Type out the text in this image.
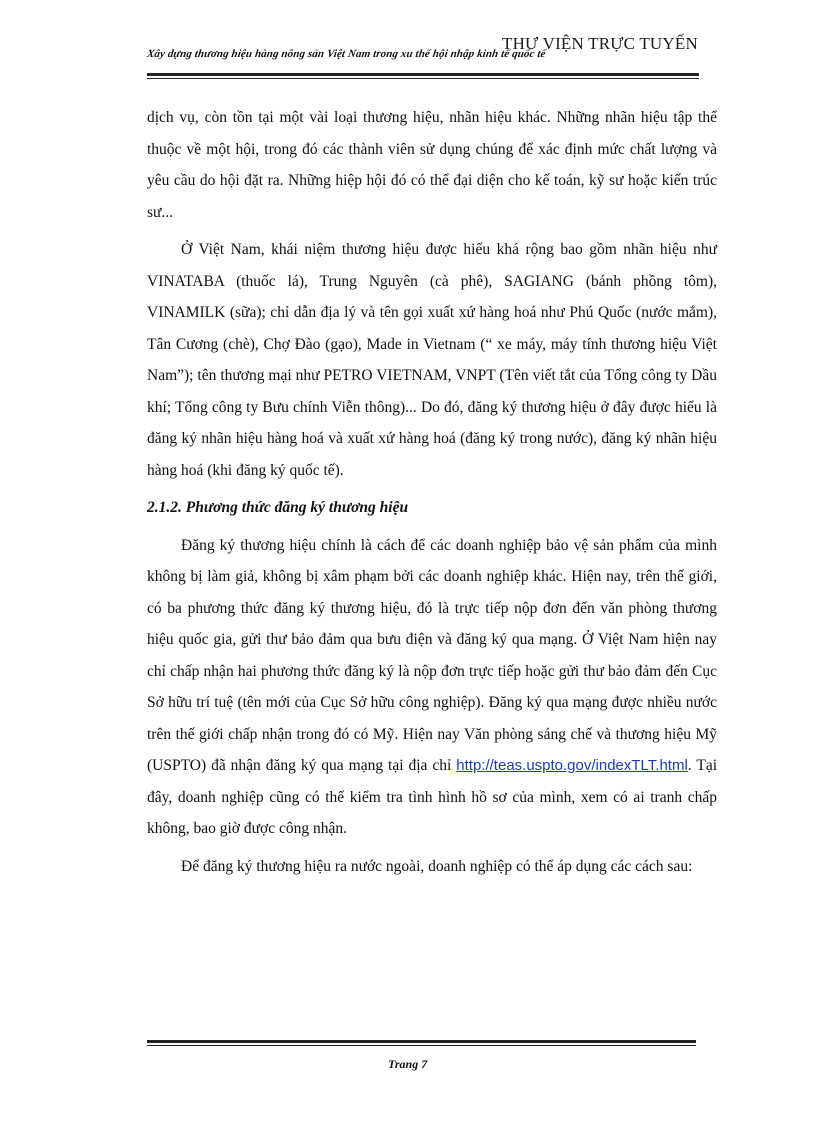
Xây dựng thương hiệu hàng nông sản Việt Nam trong xu thế hội nhập kinh tế quốc tế
THƯ VIỆN TRỰC TUYẾN

dịch vụ, còn tồn tại một vài loại thương hiệu, nhãn hiệu khác. Những nhãn hiệu tập thể thuộc về một hội, trong đó các thành viên sử dụng chúng để xác định mức chất lượng và yêu cầu do hội đặt ra. Những hiệp hội đó có thể đại diện cho kế toán, kỹ sư hoặc kiến trúc sư...

Ở Việt Nam, khái niệm thương hiệu được hiểu khá rộng bao gồm nhãn hiệu như VINATABA (thuốc lá), Trung Nguyên (cà phê), SAGIANG (bánh phồng tôm), VINAMILK (sữa); chỉ dẫn địa lý và tên gọi xuất xứ hàng hoá như Phú Quốc (nước mắm), Tân Cương (chè), Chợ Đào (gạo), Made in Vietnam (“ xe máy, máy tính thương hiệu Việt Nam”); tên thương mại như PETRO VIETNAM, VNPT (Tên viết tắt của Tổng công ty Dầu khí; Tổng công ty Bưu chính Viễn thông)... Do đó, đăng ký thương hiệu ở đây được hiểu là đăng ký nhãn hiệu hàng hoá và xuất xứ hàng hoá (đăng ký trong nước), đăng ký nhãn hiệu hàng hoá (khi đăng ký quốc tế).

2.1.2. Phương thức đăng ký thương hiệu

Đăng ký thương hiệu chính là cách để các doanh nghiệp bảo vệ sản phẩm của mình không bị làm giả, không bị xâm phạm bởi các doanh nghiệp khác. Hiện nay, trên thế giới, có ba phương thức đăng ký thương hiệu, đó là trực tiếp nộp đơn đến văn phòng thương hiệu quốc gia, gửi thư bảo đảm qua bưu điện và đăng ký qua mạng. Ở Việt Nam hiện nay chỉ chấp nhận hai phương thức đăng ký là nộp đơn trực tiếp hoặc gửi thư bảo đảm đến Cục Sở hữu trí tuệ (tên mới của Cục Sở hữu công nghiệp). Đăng ký qua mạng được nhiều nước trên thế giới chấp nhận trong đó có Mỹ. Hiện nay Văn phòng sáng chế và thương hiệu Mỹ (USPTO) đã nhận đăng ký qua mạng tại địa chỉ http://teas.uspto.gov/indexTLT.html. Tại đây, doanh nghiệp cũng có thể kiểm tra tình hình hồ sơ của mình, xem có ai tranh chấp không, bao giờ được công nhận.

Để đăng ký thương hiệu ra nước ngoài, doanh nghiệp có thể áp dụng các cách sau:

Trang 7
